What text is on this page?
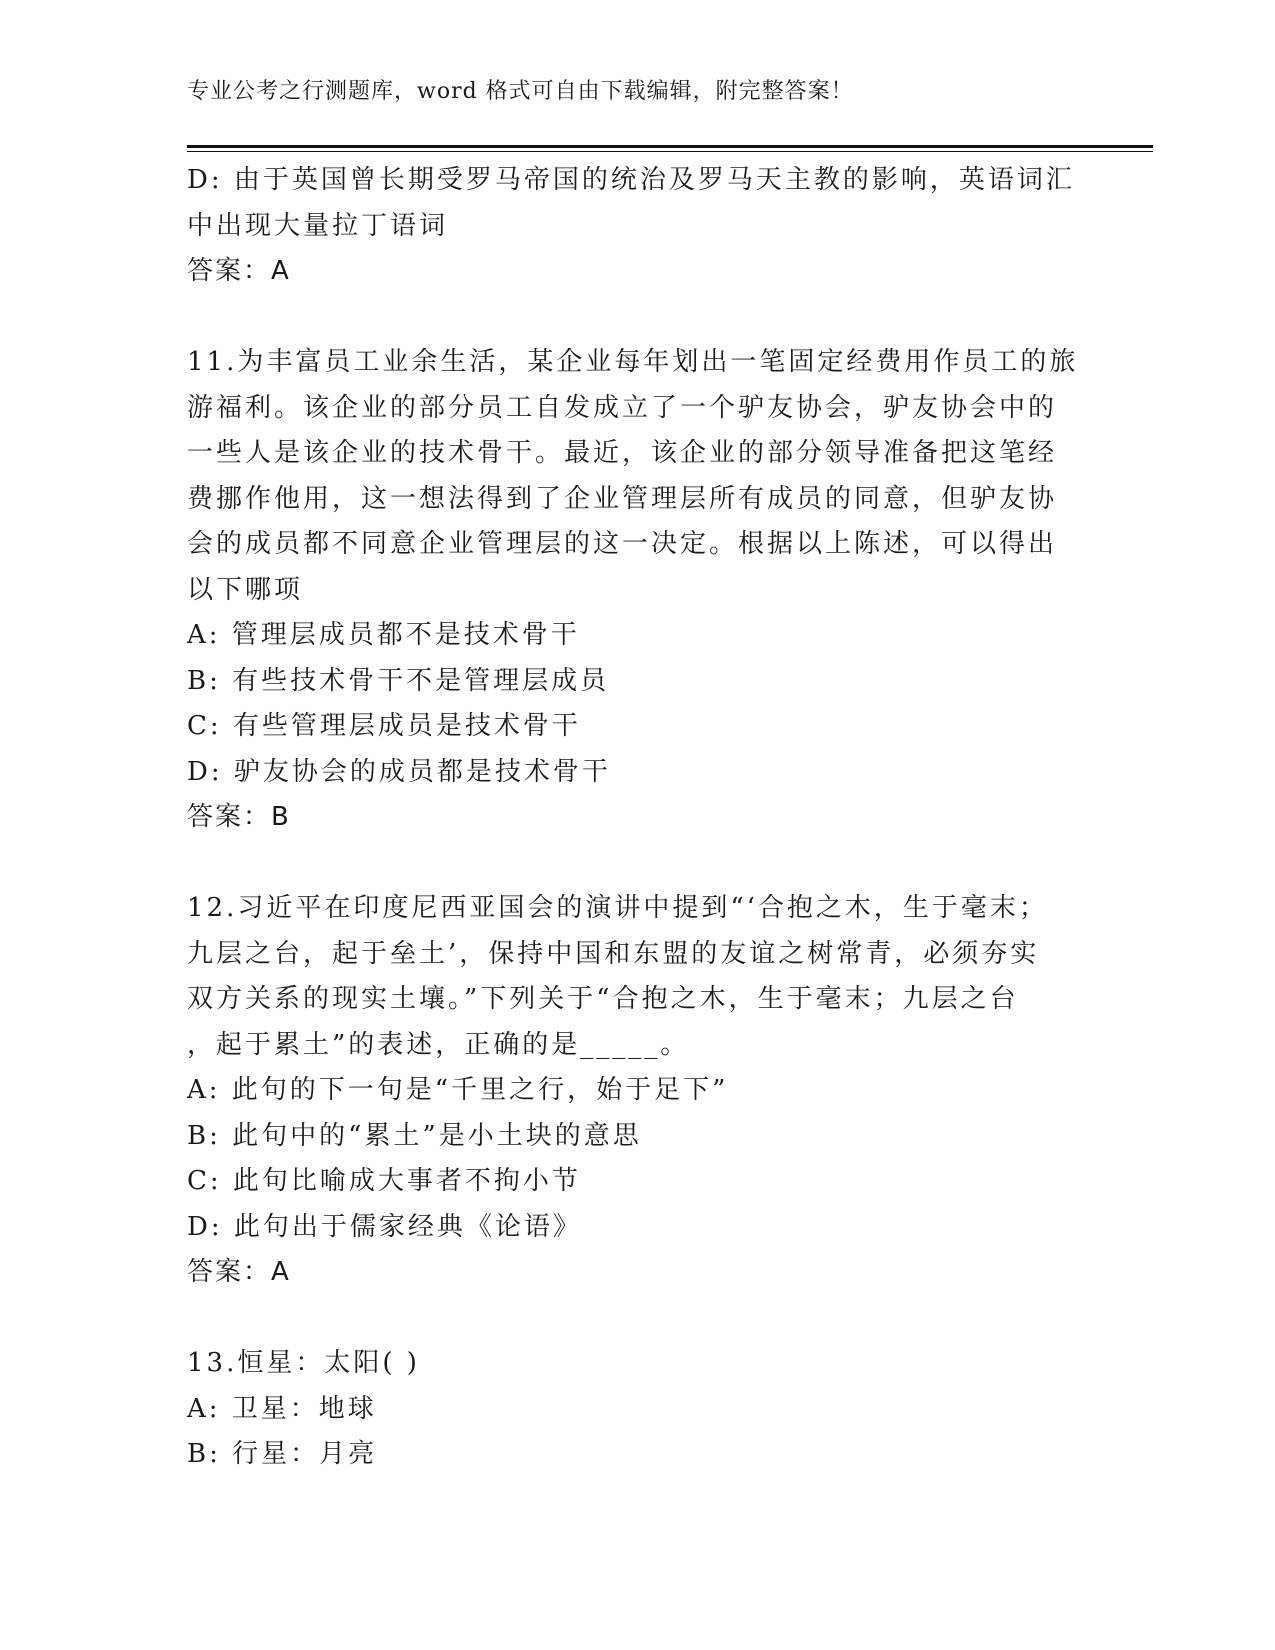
专业公考之行测题库，word 格式可自由下载编辑，附完整答案！
D: 由于英国曾长期受罗马帝国的统治及罗马天主教的影响，英语词汇
中出现大量拉丁语词
答案：A
11.为丰富员工业余生活，某企业每年划出一笔固定经费用作员工的旅
游福利。该企业的部分员工自发成立了一个驴友协会，驴友协会中的
一些人是该企业的技术骨干。最近，该企业的部分领导准备把这笔经
费挪作他用，这一想法得到了企业管理层所有成员的同意，但驴友协
会的成员都不同意企业管理层的这一决定。根据以上陈述，可以得出
以下哪项
A: 管理层成员都不是技术骨干
B: 有些技术骨干不是管理层成员
C: 有些管理层成员是技术骨干
D: 驴友协会的成员都是技术骨干
答案：B
12.习近平在印度尼西亚国会的演讲中提到“‘合抱之木，生于毫末；
九层之台，起于垒土’，保持中国和东盟的友谊之树常青，必须夯实
双方关系的现实土壤。”下列关于“合抱之木，生于毫末；九层之台
，起于累土”的表述，正确的是_____。
A: 此句的下一句是“千里之行，始于足下”
B: 此句中的“累土”是小土块的意思
C: 此句比喻成大事者不拘小节
D: 此句出于儒家经典《论语》
答案：A
13.恒星：太阳( )
A: 卫星：地球
B: 行星：月亮
